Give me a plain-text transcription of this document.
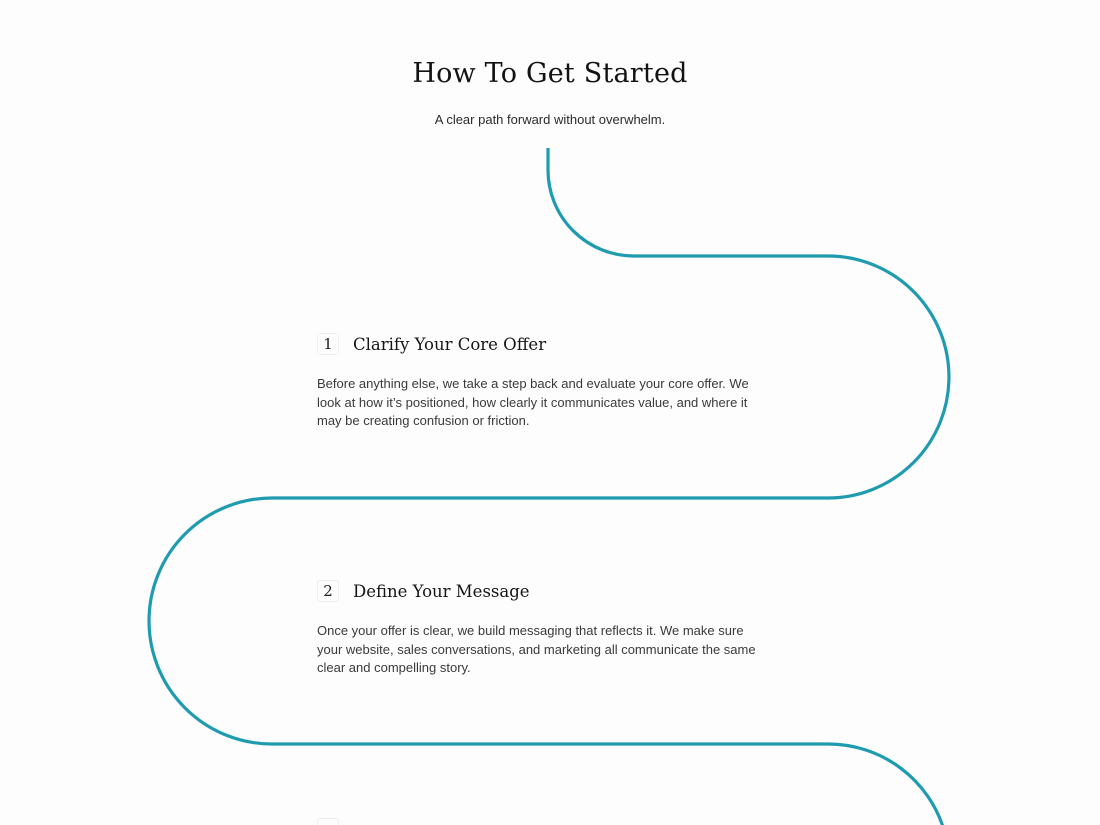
How To Get Started

A clear path forward without overwhelm.

1	Clarify Your Core Offer

Before anything else, we take a step back and evaluate your core offer. We look at how it’s positioned, how clearly it communicates value, and where it may be creating confusion or friction.

2	Define Your Message

Once your offer is clear, we build messaging that reflects it. We make sure your website, sales conversations, and marketing all communicate the same clear and compelling story.
